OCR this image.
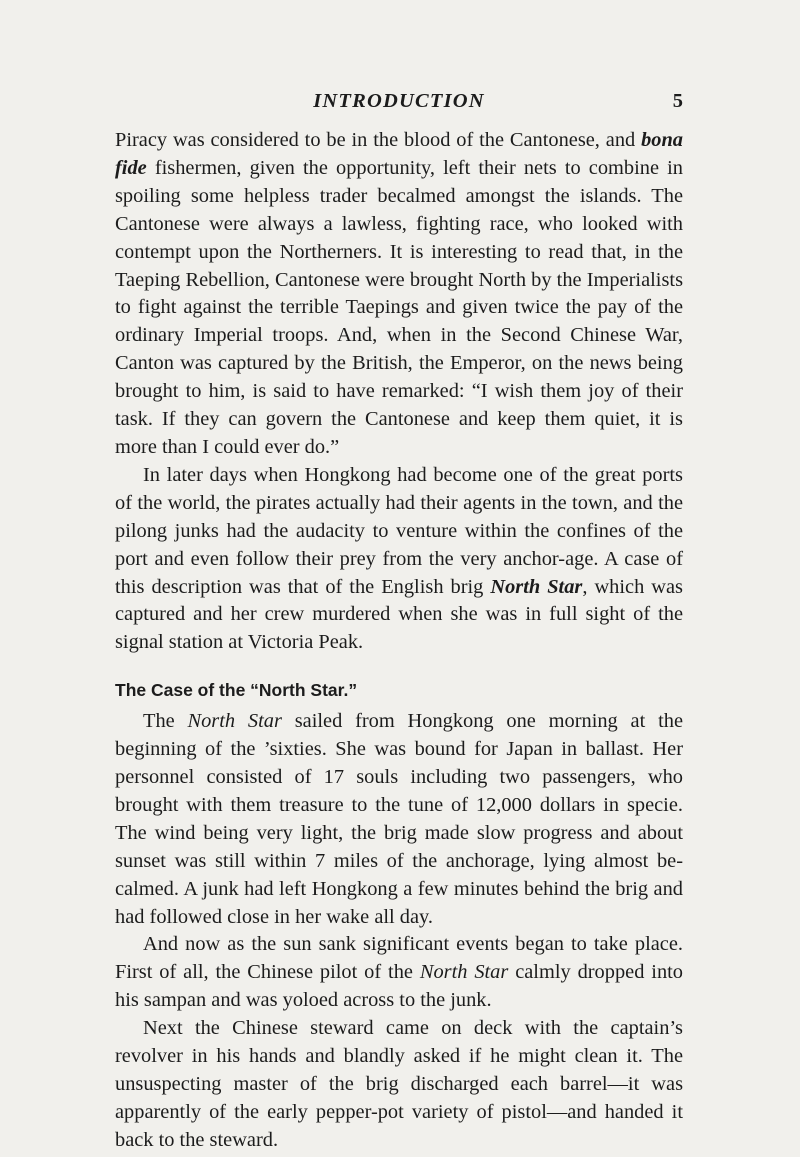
INTRODUCTION	5

Piracy was considered to be in the blood of the Cantonese, and bona fide fishermen, given the opportunity, left their nets to combine in spoiling some helpless trader becalmed amongst the islands. The Cantonese were always a lawless, fighting race, who looked with contempt upon the Northerners. It is interesting to read that, in the Taeping Rebellion, Cantonese were brought North by the Imperialists to fight against the terrible Taepings and given twice the pay of the ordinary Imperial troops. And, when in the Second Chinese War, Canton was captured by the British, the Emperor, on the news being brought to him, is said to have remarked: “I wish them joy of their task. If they can govern the Cantonese and keep them quiet, it is more than I could ever do.”

In later days when Hongkong had become one of the great ports of the world, the pirates actually had their agents in the town, and the pilong junks had the audacity to venture within the confines of the port and even follow their prey from the very anchor-age. A case of this description was that of the English brig North Star, which was captured and her crew murdered when she was in full sight of the signal station at Victoria Peak.

The Case of the “North Star.”

The North Star sailed from Hongkong one morning at the beginning of the ’sixties. She was bound for Japan in ballast. Her personnel consisted of 17 souls including two passengers, who brought with them treasure to the tune of 12,000 dollars in specie. The wind being very light, the brig made slow progress and about sunset was still within 7 miles of the anchorage, lying almost be-calmed. A junk had left Hongkong a few minutes behind the brig and had followed close in her wake all day.

And now as the sun sank significant events began to take place. First of all, the Chinese pilot of the North Star calmly dropped into his sampan and was yoloed across to the junk.

Next the Chinese steward came on deck with the captain’s revolver in his hands and blandly asked if he might clean it. The unsuspecting master of the brig discharged each barrel—it was apparently of the early pepper-pot variety of pistol—and handed it back to the steward.
